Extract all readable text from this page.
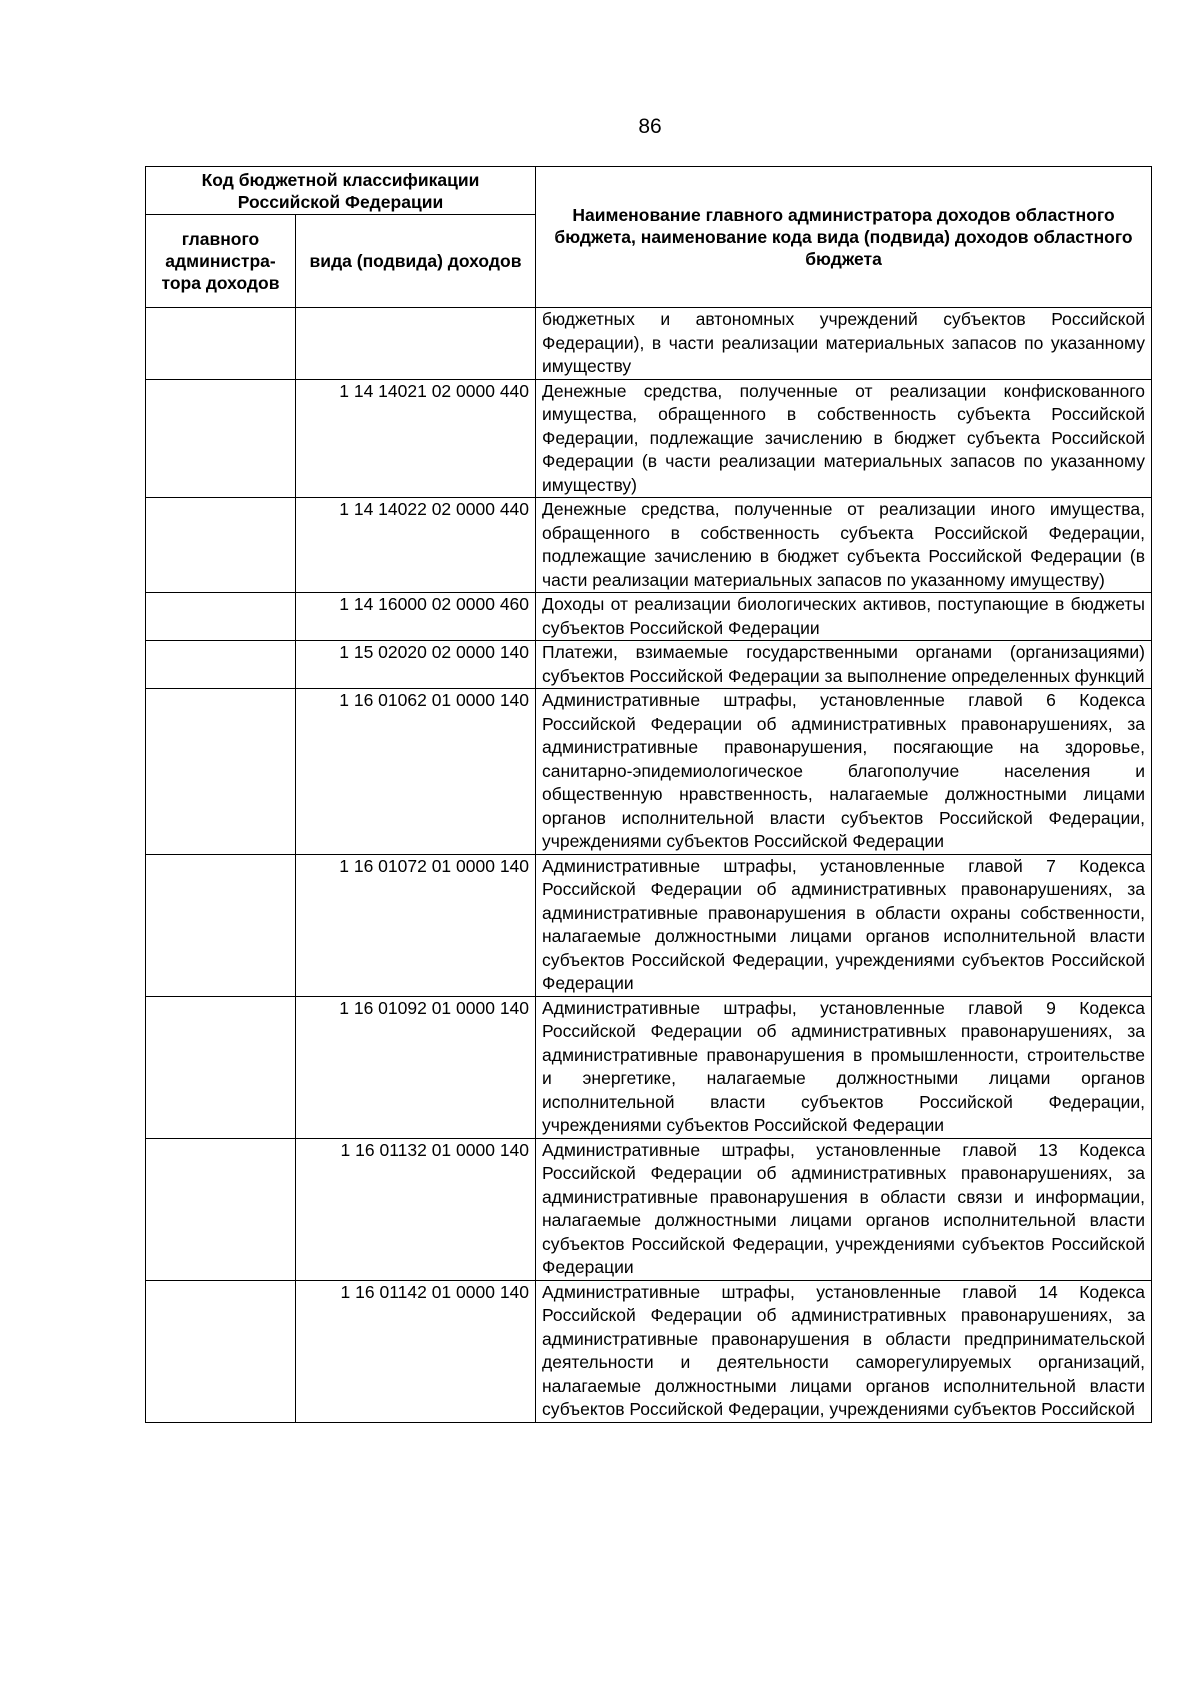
86
Код бюджетной классификации Российской Федерации		Наименование главного администратора доходов областного бюджета, наименование кода вида (подвида) доходов областного бюджета
главного администра-тора доходов	вида (подвида) доходов	
		бюджетных и автономных учреждений субъектов Российской Федерации), в части реализации материальных запасов по указанному имуществу
	1 14 14021 02 0000 440	Денежные средства, полученные от реализации конфискованного имущества, обращенного в собственность субъекта Российской Федерации, подлежащие зачислению в бюджет субъекта Российской Федерации (в части реализации материальных запасов по указанному имуществу)
	1 14 14022 02 0000 440	Денежные средства, полученные от реализации иного имущества, обращенного в собственность субъекта Российской Федерации, подлежащие зачислению в бюджет субъекта Российской Федерации (в части реализации материальных запасов по указанному имуществу)
	1 14 16000 02 0000 460	Доходы от реализации биологических активов, поступающие в бюджеты субъектов Российской Федерации
	1 15 02020 02 0000 140	Платежи, взимаемые государственными органами (организациями) субъектов Российской Федерации за выполнение определенных функций
	1 16 01062 01 0000 140	Административные штрафы, установленные главой 6 Кодекса Российской Федерации об административных правонарушениях, за административные правонарушения, посягающие на здоровье, санитарно-эпидемиологическое благополучие населения и общественную нравственность, налагаемые должностными лицами органов исполнительной власти субъектов Российской Федерации, учреждениями субъектов Российской Федерации
	1 16 01072 01 0000 140	Административные штрафы, установленные главой 7 Кодекса Российской Федерации об административных правонарушениях, за административные правонарушения в области охраны собственности, налагаемые должностными лицами органов исполнительной власти субъектов Российской Федерации, учреждениями субъектов Российской Федерации
	1 16 01092 01 0000 140	Административные штрафы, установленные главой 9 Кодекса Российской Федерации об административных правонарушениях, за административные правонарушения в промышленности, строительстве и энергетике, налагаемые должностными лицами органов исполнительной власти субъектов Российской Федерации, учреждениями субъектов Российской Федерации
	1 16 01132 01 0000 140	Административные штрафы, установленные главой 13 Кодекса Российской Федерации об административных правонарушениях, за административные правонарушения в области связи и информации, налагаемые должностными лицами органов исполнительной власти субъектов Российской Федерации, учреждениями субъектов Российской Федерации
	1 16 01142 01 0000 140	Административные штрафы, установленные главой 14 Кодекса Российской Федерации об административных правонарушениях, за административные правонарушения в области предпринимательской деятельности и деятельности саморегулируемых организаций, налагаемые должностными лицами органов исполнительной власти субъектов Российской Федерации, учреждениями субъектов Российской
